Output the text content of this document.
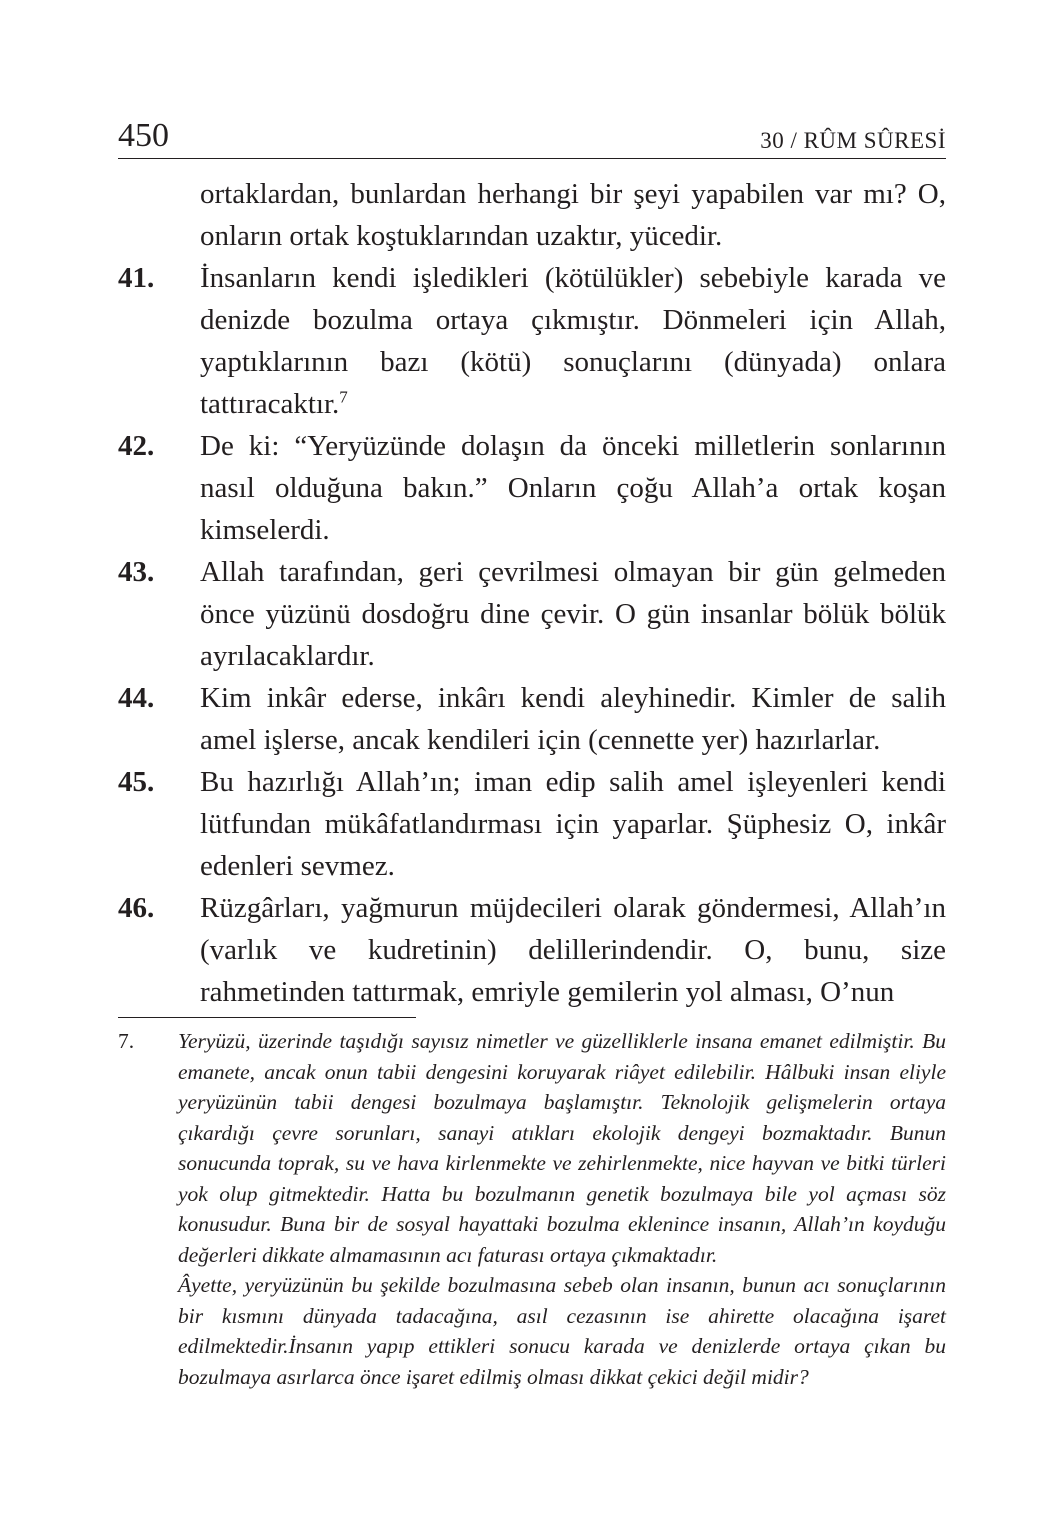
450	30 / RÛM SÛRESİ
ortaklardan, bunlardan herhangi bir şeyi yapabilen var mı? O, onların ortak koştuklarından uzaktır, yücedir.
41.	İnsanların kendi işledikleri (kötülükler) sebebiyle karada ve denizde bozulma ortaya çıkmıştır. Dönmeleri için Allah, yaptıklarının bazı (kötü) sonuçlarını (dünyada) onlara tattıracaktır.$^7$
42.	De ki: “Yeryüzünde dolaşın da önceki milletlerin sonlarının nasıl olduğuna bakın.” Onların çoğu Allah’a ortak koşan kimselerdi.
43.	Allah tarafından, geri çevrilmesi olmayan bir gün gelmeden önce yüzünü dosdoğru dine çevir. O gün insanlar bölük bölük ayrılacaklardır.
44.	Kim inkâr ederse, inkârı kendi aleyhinedir. Kimler de salih amel işlerse, ancak kendileri için (cennette yer) hazırlarlar.
45.	Bu hazırlığı Allah’ın; iman edip salih amel işleyenleri kendi lütfundan mükâfatlandırması için yaparlar. Şüphesiz O, inkâr edenleri sevmez.
46.	Rüzgârları, yağmurun müjdecileri olarak göndermesi, Allah’ın (varlık ve kudretinin) delillerindendir. O, bunu, size rahmetinden tattırmak, emriyle gemilerin yol alması, O’nun
7. Yeryüzü, üzerinde taşıdığı sayısız nimetler ve güzelliklerle insana emanet edilmiştir. Bu emanete, ancak onun tabii dengesini koruyarak riâyet edilebilir. Hâlbuki insan eliyle yeryüzünün tabii dengesi bozulmaya başlamıştır. Teknolojik gelişmelerin ortaya çıkardığı çevre sorunları, sanayi atıkları ekolojik dengeyi bozmaktadır. Bunun sonucunda toprak, su ve hava kirlenmekte ve zehirlenmekte, nice hayvan ve bitki türleri yok olup gitmektedir. Hatta bu bozulmanın genetik bozulmaya bile yol açması söz konusudur. Buna bir de sosyal hayattaki bozulma eklenince insanın, Allah’ın koyduğu değerleri dikkate almamasının acı faturası ortaya çıkmaktadır.

Âyette, yeryüzünün bu şekilde bozulmasına sebeb olan insanın, bunun acı sonuçlarının bir kısmını dünyada tadacağına, asıl cezasının ise ahirette olacağına işaret edilmektedir.İnsanın yapıp ettikleri sonucu karada ve denizlerde ortaya çıkan bu bozulmaya asırlarca önce işaret edilmiş olması dikkat çekici değil midir?
